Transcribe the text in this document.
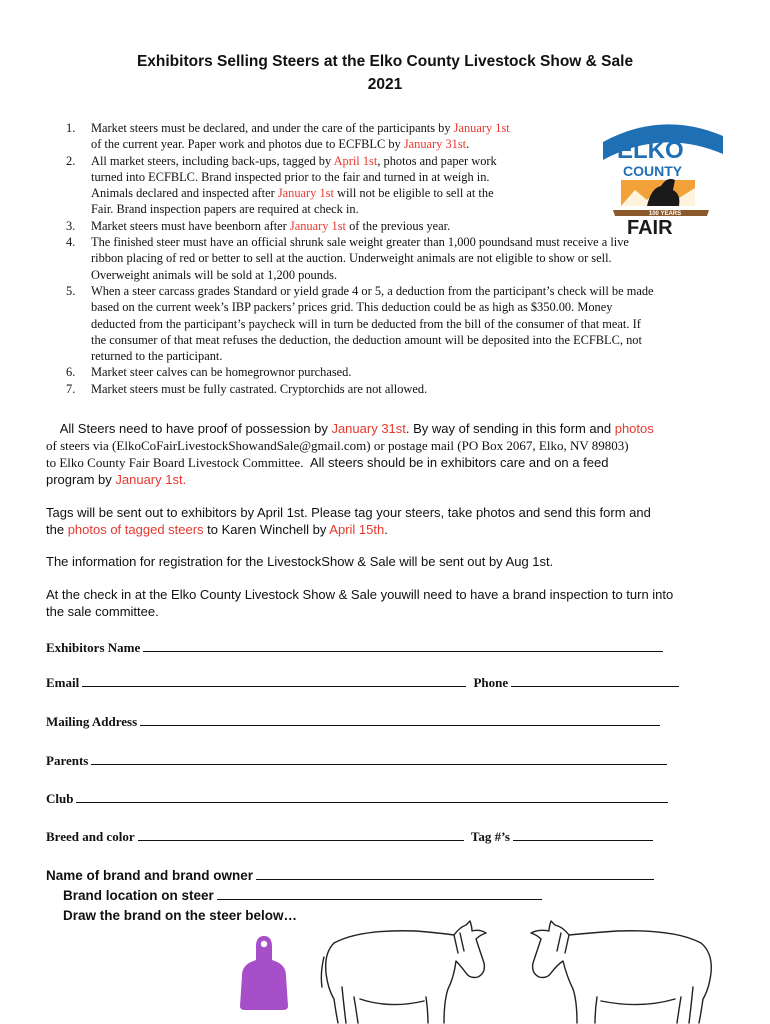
Exhibitors Selling Steers at the Elko County Livestock Show & Sale
2021
Livestock Show and Sale
ELKO
COUNTY
100 YEARS
FAIR
1. Market steers must be declared, and under the care of the participants by January 1st
of the current year. Paper work and photos due to ECFBLC by January 31st.
2. All market steers, including back-ups, tagged by April 1st, photos and paper work
turned into ECFBLC. Brand inspected prior to the fair and turned in at weigh in.
Animals declared and inspected after January 1st will not be eligible to sell at the
Fair. Brand inspection papers are required at check in.
3. Market steers must have beenborn after January 1st of the previous year.
4. The finished steer must have an official shrunk sale weight greater than 1,000 poundsand must receive a live
ribbon placing of red or better to sell at the auction. Underweight animals are not eligible to show or sell.
Overweight animals will be sold at 1,200 pounds.
5. When a steer carcass grades Standard or yield grade 4 or 5, a deduction from the participant’s check will be made
based on the current week’s IBP packers’ prices grid. This deduction could be as high as $350.00. Money
deducted from the participant’s paycheck will in turn be deducted from the bill of the consumer of that meat. If
the consumer of that meat refuses the deduction, the deduction amount will be deposited into the ECFBLC, not
returned to the participant.
6. Market steer calves can be homegrownor purchased.
7. Market steers must be fully castrated. Cryptorchids are not allowed.
All Steers need to have proof of possession by January 31st. By way of sending in this form and photos
of steers via (ElkoCoFairLivestockShowandSale@gmail.com) or postage mail (PO Box 2067, Elko, NV 89803)
to Elko County Fair Board Livestock Committee.  All steers should be in exhibitors care and on a feed
program by January 1st.
Tags will be sent out to exhibitors by April 1st. Please tag your steers, take photos and send this form and
the photos of tagged steers to Karen Winchell by April 15th.
The information for registration for the LivestockShow & Sale will be sent out by Aug 1st.
At the check in at the Elko County Livestock Show & Sale youwill need to have a brand inspection to turn into
the sale committee.
Exhibitors Name
Email	Phone
Mailing Address
Parents
Club
Breed and color	Tag #’s
Name of brand and brand owner
Brand location on steer
Draw the brand on the steer below…
